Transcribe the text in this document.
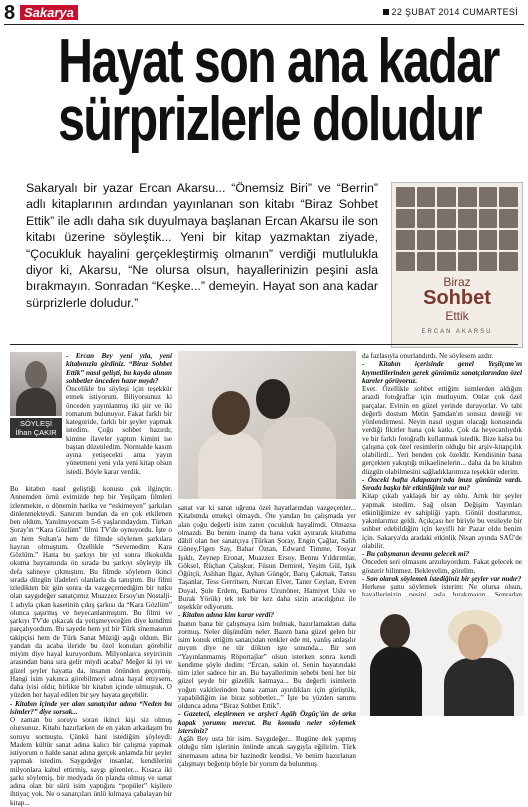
8 Sakarya	22 ŞUBAT 2014 CUMARTESİ
Hayat son ana kadar
sürprizlerle doludur
Sakaryalı bir yazar Ercan Akarsu... “Önemsiz Biri” ve “Berrin” adlı kitaplarının ardından yayınlanan son kitabı “Biraz Sohbet Ettik” ile adlı daha sık duyulmaya başlanan Ercan Akarsu ile son kitabı üzerine söyleştik... Yeni bir kitap yazmaktan ziyade, “Çocukluk hayalini gerçekleştirmiş olmanın” verdiği mutlulukla diyor ki, Akarsu, “Ne olursa olsun, hayallerinizin peşini asla bırakmayın. Sonradan “Keşke...” demeyin. Hayat son ana kadar sürprizlerle doludur.”
Biraz
Sohbet
Ettik
ERCAN AKARSU
SÖYLEŞİ
İlhan ÇAKIR

- Ercan Bey yeni yıla, yeni kitabınızla girdiniz. “Biraz Sohbet Ettik” nasıl gelişti, bu kayda alınan sohbetler önceden hazır mıydı?

Öncelikle bu söyleşi için teşekkür etmek istiyorum. Biliyorsunuz ki önceden yayınlanmış iki şiir ve iki romanım bulunuyor. Fakat farklı bir kategoride, farklı bir şeyler yapmak istedim. Çoğu sohbet hazırdı; kimine ilaveler yaptım kimini ise baştan düzenledim. Normalde kasım ayına yetişecekti ama yayın yönetmeni yeni yıla yeni kitap olsun istedi. Böyle karar verdik.

Bu kitabın nasıl geliştiği konusu çok ilginçtir. Annemden örnü evimizde hep bir Yeşilçam filmleri izlenmekte, o dönemin harika ve “eskimeyen” şarkıları dinlenmekteydi. Sanırım bundan da en çok etkilenen ben oldum. Yanılmıyorsam 5-6 yaşlarındaydım. Türkan Şoray'ın “Kara Gözlüm” filmi TV'de oynuyordu. İşte o an hem Sultan'a hem de filmde söylenen şarkılara hayran olmuştum. Özellikle “Sevemedim Kara Gözlüm.” Hatta bu şarkıyı bir yıl sonra ilkokulda okuma bayramında ön sırada bu şarkıyı söyleyip ilk defa sahneye çıkmıştım. Bu filmde söylenen ikinci sırada düzgün ifadeleri olanlarla da tanıştım. Bu filmi izledikten bir gün sonra da vazgeçemediğim bir tutku olan saygıdeğer sanatçımız Muazzez Ersoy'un Nostalji-1 adıyla çıkan kasetinin çıkış şarkısı da “Kara Gözlüm” olunca şaşırmış ve heyecanlanmıştım. Bu filmi ve şarkıyı TV'de çıkacak da yetişmeyeceğim diye kendimi parçalıyordum. Bu sayede hem yıl bir Türk sinemasının takipçisi hem de Türk Sanat Müziği aşığı oldum. Bir yandan da acaba ileride bu özel konuları görebilir miyim diye hayal kuruyordum. Milyonlarca seyircinin arasından bana sıra gelir miydi acaba? Meğer ki iyi ve güzel şeyler hayatta da, insanın önünden geçermiş. Hangi isim yakınca görebilmeyi adına hayal ettiysem, daha iyisi oldu; birlikte bir kitabın içinde olmuştuk. O yüzden her hayal edilen bir şey hayata geçebilir.

- Kitabın içinde yer alan sanatçılar adına “Neden bu isimler?” diye sorsak...

O zaman bu soruyu soran ikinci kişi siz olmuş olursunuz. Kitabı hazırlarken de en yakın arkadaşım bu soruyu sormuştu. Çünkü hani istediğim şöyleydi: Madem kültür sanat adına kalıcı bir çalışma yapmak istiyorum o halde sanat adına gerçek anlamda bir şeyler yapmak istedim. Saygıdeğer insanlar, kendilerini milyonlara kabul ettirmiş, saygı görenler... Kısaca iki şarkı söylemiş, bir medyada ön planda olmuş ve sanat adına olan bir sürü isim yaptığını “popüler” kişilere ihtiyaç yok. Ne o sanatçıları ünlü kılmaya çabalayan bir kitap...

sanat var ki sanat uğruna özel hayatlarından vazgeçenler... Kitabımda emekçi olmaydı. Öte yandan bu çalışmada yer alan çoğu değerli isim zaten çocukluk hayalimdi. Olmazsa olmazdı. Bu benim inanıp da bana vakit ayırarak kitabıma dâhil olan her sanatçıya (Türkan Şoray, Engin Çağlar, Salih Güney,Figen Say, Bahar Öztan, Edward Timme, Tosyar Işıklı, Zeynep Eronat, Muazzez Ersoy, Bennu Yıldırımlar, Göksel, Rüçhan Çalışkur, Füsun Demirel, Yeşim Gül, Işık Öğütçü, Aslıhan Ilgaz, Ayhan Güngör, Barış Çakmak, Tansu Taşanlar, Tess Gerritsen, Nurcan Elver, Taner Ceylan, Evren Duyal, Şule Erdem, Barbaros Uzunöner, Hamiyet Uslu ve Burak Yörük) tek tek bir kez daha sizin aracılığınız ile teşekkür ediyorum.

- Kitabın adına kim karar verdi?

İnanın bana bir çalışmaya isim bulmak, hazırlamaktan daha zormuş. Neler düşündüm neler. Bazen bana güzel gelen bir isim konuk ettiğim sanatçıdan renkler ede mi, yanlış anlaşılır mıyım diye ne tür dökten işte sonunda... Bir son “Yayınlanmamış Röportajlar” olsun isterken sonra kendi kendime şöyle dedim: “Ercan, sakin ol. Senin hayatındaki tüm izler sadece bir an. Bu hayallerimin sebebi beni her bir güzel şeyde bir güzellik katmaya... Bu değerli isimlerin yoğun vakitlerinden bana zaman ayırdıkları için görüştük, yapabildiğim ise biraz sohbetler...” İşte bu yüzden sanımı oldunca adına “Biraz Sohbet Ettik”.

- Gazeteci, eleştirmen ve arşivci Agâh Özgüç'ün de arka kapak yorumu mevcut. Bu konuda neler söylemek istersiniz?

Agâh Bey usta bir isim. Saygıdeğer... Bugüne dek yapmış olduğu tüm işlerinin önünde ancak saygıyla eğilirim. Türk sinemasını adına bir hazinedir kendisi. Ve benim hazırlanan çalışmayı beğenip böyle bir yorum da bulunmuş

da fazlasıyla onurlandırdı. Ne söylesem azdır.

- Kitabın içerisinde genel Yeşilçam'ın kıymetlilerinden gerek günümüz sanatçılarından özel kareler görüyoruz.

Evet. Özellikle sohbet ettiğim isimlerden aldığım arazdi fotoğraflar için mutluyum. Onlar çok özel parçalar. Evinin en güzel yerinde duruyorlar. Ve tabi değerli dostum Metin Şamdan'ın sonsuz desteği ve yönlendirmesi. Neyin nasıl uygun olacağı konusunda verdiği fikirler bana çok katkı. Çok da heyecanlıydık ve bir farklı fotoğraflı kullanmak istedik. Bize kalsa bu çalışma çok özel resimlerin olduğu bir arşiv-kitapçılık olabilirdi... Yeri benden çok özeldir. Kendisinin bana gerçekten yakıştığı mikaelinelerin... daha da bu kitabın düzgün olabilmesini sağladıklarımıza teşekkür ederim.

- Önceki hafta Adapazarı'nda imza gününüz vardı. Sırada başka bir etkinliğiniz var mı?

Kitap çıkalı yaklaşık bir ay oldu. Artık bir şeyler yapmak istedim. Sağ olsun Değişim Yayınları etkinliğimize ev sahipliği yaptı. Gönül dostlarımız, yakınlarımız geldi. Açıkçası her biriyle bu vesileyle bir sohbet edebildiğim için keyifli bir Pazar oldu benim için. Sakarya'da aradaki etkinlik Nisan ayında SAÜ'de olabilir.

- Bu çalışmanın devamı gelecek mi?

Önceden seri olmasını arzuluyordum. Fakat gelecek ne gösterir bilinmez. Bekleyelim, görelim.

- Son olarak söylemek istediğiniz bir şeyler var mıdır?

Herkese şunu söylemek isterim: Ne olursa olsun,
